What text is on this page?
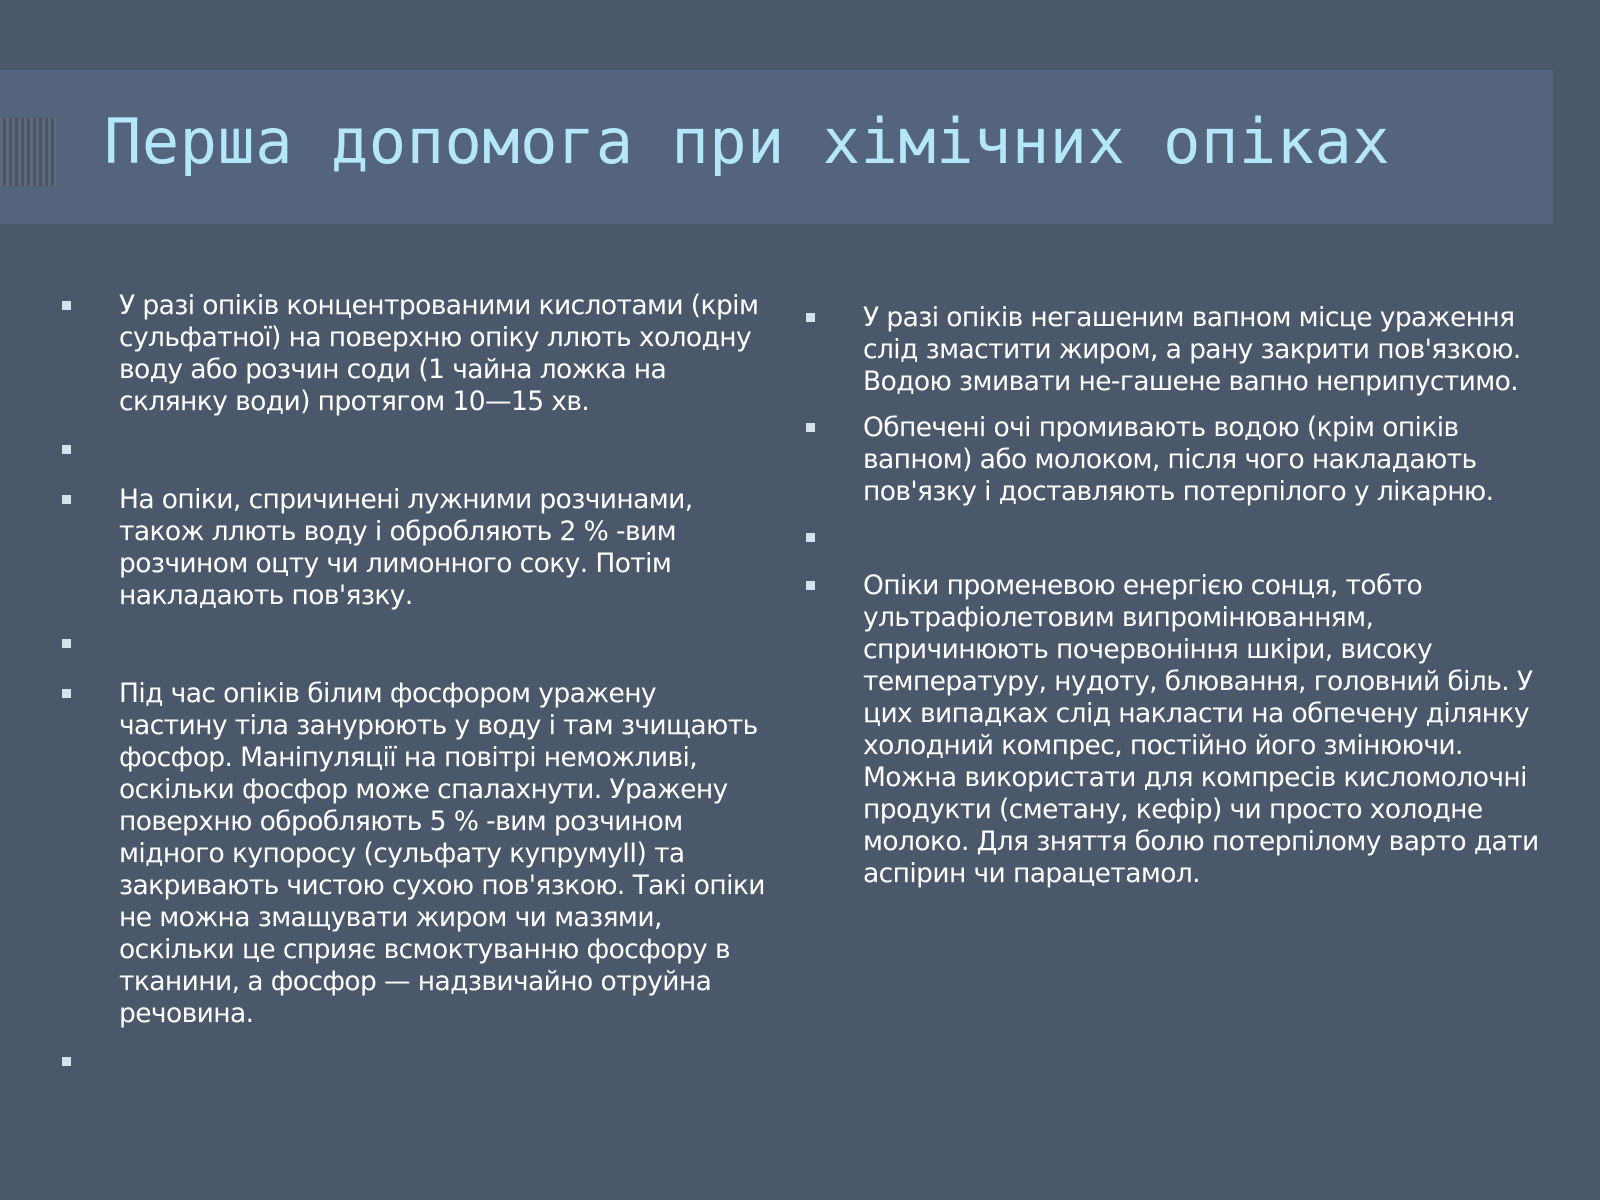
Перша допомога при хімічних опіках
У разі опіків концентрованими кислотами (крім сульфатної) на поверхню опіку ллють холодну воду або розчин соди (1 чайна ложка на склянку води) протягом 10—15 хв.
На опіки, спричинені лужними розчинами, також ллють воду і обробляють 2 % -вим розчином оцту чи лимонного соку. Потім накладають пов'язку.
Під час опіків білим фосфором уражену частину тіла занурюють у воду і там зчищають фосфор. Маніпуляції на повітрі неможливі, оскільки фосфор може спалахнути. Уражену поверхню обробляють 5 % -вим розчином мідного купоросу (сульфату купрумуІІ) та закривають чистою сухою пов'язкою. Такі опіки не можна змащувати жиром чи мазями, оскільки це сприяє всмоктуванню фосфору в тканини, а фосфор — надзвичайно отруйна речовина.
У разі опіків негашеним вапном місце ураження слід змастити жиром, а рану закрити пов'язкою. Водою змивати не-гашене вапно неприпустимо.
Обпечені очі промивають водою (крім опіків вапном) або молоком, після чого накладають пов'язку і доставляють потерпілого у лікарню.
Опіки променевою енергією сонця, тобто ультрафіолетовим випромінюванням, спричинюють почервоніння шкіри, високу температуру, нудоту, блювання, головний біль. У цих випадках слід накласти на обпечену ділянку холодний компрес, постійно його змінюючи. Можна використати для компресів кисломолочні продукти (сметану, кефір) чи просто холодне молоко. Для зняття болю потерпілому варто дати аспірин чи парацетамол.
